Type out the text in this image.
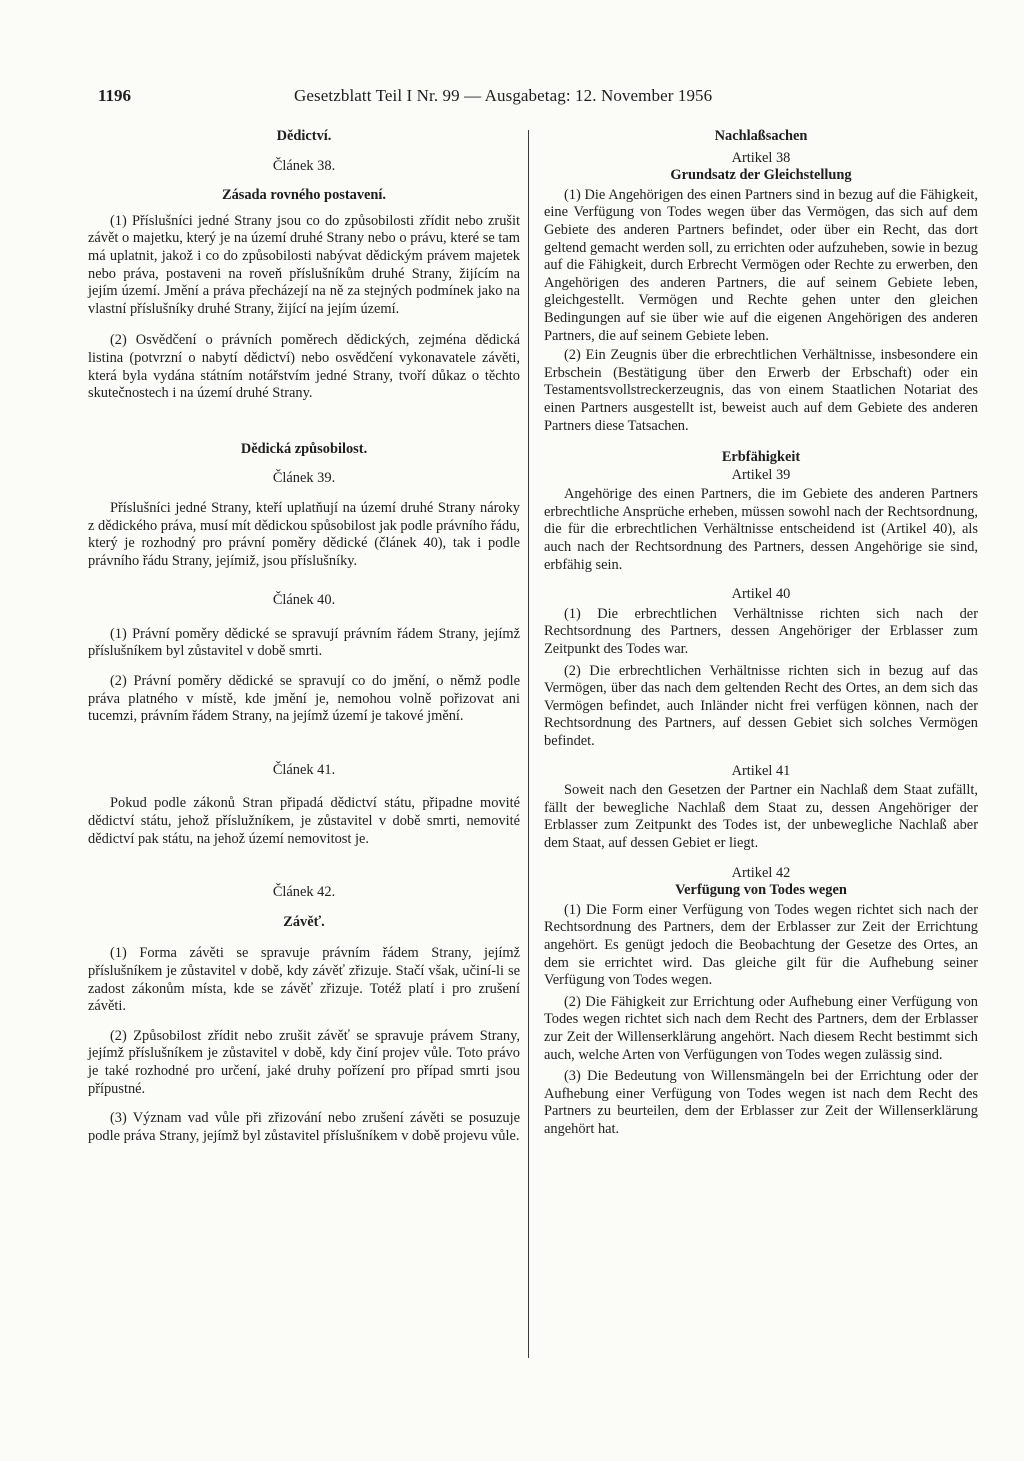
1196	Gesetzblatt Teil I Nr. 99 — Ausgabetag: 12. November 1956
Dědictví.
Článek 38.
Zásada rovného postavení.

(1) Příslušníci jedné Strany jsou co do způsobilosti zřídit nebo zrušit závět o majetku, který je na území druhé Strany nebo o právu, které se tam má uplatnit, jakož i co do způsobilosti nabývat dědickým právem majetek nebo práva, postaveni na roveň příslušníkům druhé Strany, žijícím na jejím území. Jmění a práva přecházejí na ně za stejných podmínek jako na vlastní příslušníky druhé Strany, žijící na jejím území.

(2) Osvědčení o právních poměrech dědických, zejména dědická listina (potvrzní o nabytí dědictví) nebo osvědčení vykonavatele závěti, která byla vydána státním notářstvím jedné Strany, tvoří důkaz o těchto skutečnostech i na území druhé Strany.

Dědická způsobilost.
Článek 39.

Příslušníci jedné Strany, kteří uplatňují na území druhé Strany nároky z dědického práva, musí mít dědickou spůsobilost jak podle právního řádu, který je rozhodný pro právní poměry dědické (článek 40), tak i podle právního řádu Strany, jejímiž, jsou příslušníky.

Článek 40.

(1) Právní poměry dědické se spravují právním řádem Strany, jejímž příslušníkem byl zůstavitel v době smrti.

(2) Právní poměry dědické se spravují co do jmění, o němž podle práva platného v místě, kde jmění je, nemohou volně pořizovat ani tucemzi, právním řádem Strany, na jejímž území je takové jmění.

Článek 41.

Pokud podle zákonů Stran připadá dědictví státu, připadne movité dědictví státu, jehož příslužníkem, je zůstavitel v době smrti, nemovité dědictví pak státu, na jehož území nemovitost je.

Článek 42.
Závěť.

(1) Forma závěti se spravuje právním řádem Strany, jejímž příslušníkem je zůstavitel v době, kdy závěť zřizuje. Stačí však, učiní-li se zadost zákonům místa, kde se závěť zřizuje. Totéž platí i pro zrušení závěti.

(2) Způsobilost zřídit nebo zrušit závěť se spravuje právem Strany, jejímž příslušníkem je zůstavitel v době, kdy činí projev vůle. Toto právo je také rozhodné pro určení, jaké druhy pořízení pro případ smrti jsou přípustné.

(3) Význam vad vůle při zřizování nebo zrušení závěti se posuzuje podle práva Strany, jejímž byl zůstavitel příslušníkem v době projevu vůle.

Nachlaßsachen
Artikel 38
Grundsatz der Gleichstellung

(1) Die Angehörigen des einen Partners sind in bezug auf die Fähigkeit, eine Verfügung von Todes wegen über das Vermögen, das sich auf dem Gebiete des anderen Partners befindet, oder über ein Recht, das dort geltend gemacht werden soll, zu errichten oder aufzuheben, sowie in bezug auf die Fähigkeit, durch Erbrecht Vermögen oder Rechte zu erwerben, den Angehörigen des anderen Partners, die auf seinem Gebiete leben, gleichgestellt. Vermögen und Rechte gehen unter den gleichen Bedingungen auf sie über wie auf die eigenen Angehörigen des anderen Partners, die auf seinem Gebiete leben.

(2) Ein Zeugnis über die erbrechtlichen Verhältnisse, insbesondere ein Erbschein (Bestätigung über den Erwerb der Erbschaft) oder ein Testamentsvollstreckerzeugnis, das von einem Staatlichen Notariat des einen Partners ausgestellt ist, beweist auch auf dem Gebiete des anderen Partners diese Tatsachen.

Erbfähigkeit
Artikel 39

Angehörige des einen Partners, die im Gebiete des anderen Partners erbrechtliche Ansprüche erheben, müssen sowohl nach der Rechtsordnung, die für die erbrechtlichen Verhältnisse entscheidend ist (Artikel 40), als auch nach der Rechtsordnung des Partners, dessen Angehörige sie sind, erbfähig sein.

Artikel 40

(1) Die erbrechtlichen Verhältnisse richten sich nach der Rechtsordnung des Partners, dessen Angehöriger der Erblasser zum Zeitpunkt des Todes war.

(2) Die erbrechtlichen Verhältnisse richten sich in bezug auf das Vermögen, über das nach dem geltenden Recht des Ortes, an dem sich das Vermögen befindet, auch Inländer nicht frei verfügen können, nach der Rechtsordnung des Partners, auf dessen Gebiet sich solches Vermögen befindet.

Artikel 41

Soweit nach den Gesetzen der Partner ein Nachlaß dem Staat zufällt, fällt der bewegliche Nachlaß dem Staat zu, dessen Angehöriger der Erblasser zum Zeitpunkt des Todes ist, der unbewegliche Nachlaß aber dem Staat, auf dessen Gebiet er liegt.

Artikel 42
Verfügung von Todes wegen

(1) Die Form einer Verfügung von Todes wegen richtet sich nach der Rechtsordnung des Partners, dem der Erblasser zur Zeit der Errichtung angehört. Es genügt jedoch die Beobachtung der Gesetze des Ortes, an dem sie errichtet wird. Das gleiche gilt für die Aufhebung seiner Verfügung von Todes wegen.

(2) Die Fähigkeit zur Errichtung oder Aufhebung einer Verfügung von Todes wegen richtet sich nach dem Recht des Partners, dem der Erblasser zur Zeit der Willenserklärung angehört. Nach diesem Recht bestimmt sich auch, welche Arten von Verfügungen von Todes wegen zulässig sind.

(3) Die Bedeutung von Willensmängeln bei der Errichtung oder der Aufhebung einer Verfügung von Todes wegen ist nach dem Recht des Partners zu beurteilen, dem der Erblasser zur Zeit der Willenserklärung angehört hat.
